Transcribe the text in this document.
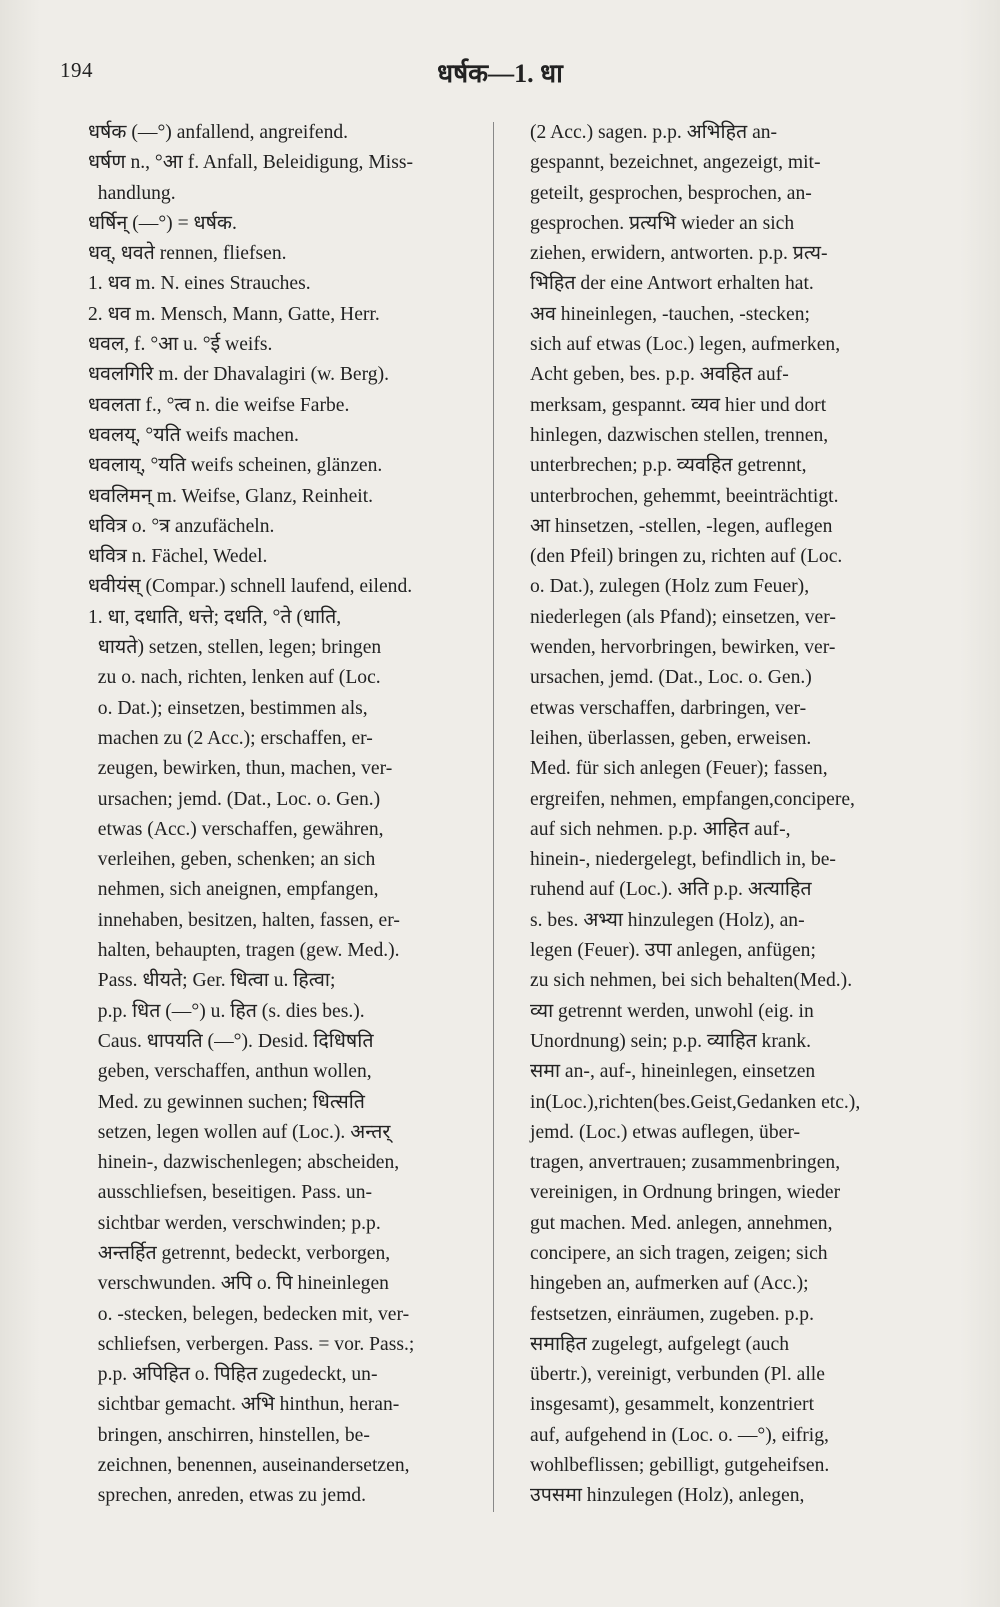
194	धर्षक—1. धा
धर्षक (—°) anfallend, angreifend.
धर्षण n., °आ f. Anfall, Beleidigung, Miss-
handlung.
धर्षिन् (—°) = धर्षक.
धव्, धवते rennen, fliefsen.
1. धव m. N. eines Strauches.
2. धव m. Mensch, Mann, Gatte, Herr.
धवल, f. °आ u. °ई weifs.
धवलगिरि m. der Dhavalagiri (w. Berg).
धवलता f., °त्व n. die weifse Farbe.
धवलय्, °यति weifs machen.
धवलाय्, °यति weifs scheinen, glänzen.
धवलिमन् m. Weifse, Glanz, Reinheit.
धवित्र o. °त्र anzufächeln.
धवित्र n. Fächel, Wedel.
धवीयंस् (Compar.) schnell laufend, eilend.
1. धा, दधाति, धत्ते; दधति, °ते (धाति,
धायते) setzen, stellen, legen; bringen
zu o. nach, richten, lenken auf (Loc.
o. Dat.); einsetzen, bestimmen als,
machen zu (2 Acc.); erschaffen, er-
zeugen, bewirken, thun, machen, ver-
ursachen; jemd. (Dat., Loc. o. Gen.)
etwas (Acc.) verschaffen, gewähren,
verleihen, geben, schenken; an sich
nehmen, sich aneignen, empfangen,
innehaben, besitzen, halten, fassen, er-
halten, behaupten, tragen (gew. Med.).
Pass. धीयते; Ger. धित्वा u. हित्वा;
p.p. धित (—°) u. हित (s. dies bes.).
Caus. धापयति (—°). Desid. दिधिषति
geben, verschaffen, anthun wollen,
Med. zu gewinnen suchen; धित्सति
setzen, legen wollen auf (Loc.). अन्तर्
hinein-, dazwischenlegen; abscheiden,
ausschliefsen, beseitigen. Pass. un-
sichtbar werden, verschwinden; p.p.
अन्तर्हित getrennt, bedeckt, verborgen,
verschwunden. अपि o. पि hineinlegen
o. -stecken, belegen, bedecken mit, ver-
schliefsen, verbergen. Pass. = vor. Pass.;
p.p. अपिहित o. पिहित zugedeckt, un-
sichtbar gemacht. अभि hinthun, heran-
bringen, anschirren, hinstellen, be-
zeichnen, benennen, auseinandersetzen,
sprechen, anreden, etwas zu jemd.
(2 Acc.) sagen. p.p. अभिहित an-
gespannt, bezeichnet, angezeigt, mit-
geteilt, gesprochen, besprochen, an-
gesprochen. प्रत्यभि wieder an sich
ziehen, erwidern, antworten. p.p. प्रत्य-
भिहित der eine Antwort erhalten hat.
अव hineinlegen, -tauchen, -stecken;
sich auf etwas (Loc.) legen, aufmerken,
Acht geben, bes. p.p. अवहित auf-
merksam, gespannt. व्यव hier und dort
hinlegen, dazwischen stellen, trennen,
unterbrechen; p.p. व्यवहित getrennt,
unterbrochen, gehemmt, beeinträchtigt.
आ hinsetzen, -stellen, -legen, auflegen
(den Pfeil) bringen zu, richten auf (Loc.
o. Dat.), zulegen (Holz zum Feuer),
niederlegen (als Pfand); einsetzen, ver-
wenden, hervorbringen, bewirken, ver-
ursachen, jemd. (Dat., Loc. o. Gen.)
etwas verschaffen, darbringen, ver-
leihen, überlassen, geben, erweisen.
Med. für sich anlegen (Feuer); fassen,
ergreifen, nehmen, empfangen,concipere,
auf sich nehmen. p.p. आहित auf-,
hinein-, niedergelegt, befindlich in, be-
ruhend auf (Loc.). अति p.p. अत्याहित
s. bes. अभ्या hinzulegen (Holz), an-
legen (Feuer). उपा anlegen, anfügen;
zu sich nehmen, bei sich behalten(Med.).
व्या getrennt werden, unwohl (eig. in
Unordnung) sein; p.p. व्याहित krank.
समा an-, auf-, hineinlegen, einsetzen
in(Loc.),richten(bes.Geist,Gedanken etc.),
jemd. (Loc.) etwas auflegen, über-
tragen, anvertrauen; zusammenbringen,
vereinigen, in Ordnung bringen, wieder
gut machen. Med. anlegen, annehmen,
concipere, an sich tragen, zeigen; sich
hingeben an, aufmerken auf (Acc.);
festsetzen, einräumen, zugeben. p.p.
समाहित zugelegt, aufgelegt (auch
übertr.), vereinigt, verbunden (Pl. alle
insgesamt), gesammelt, konzentriert
auf, aufgehend in (Loc. o. —°), eifrig,
wohlbeflissen; gebilligt, gutgeheifsen.
उपसमा hinzulegen (Holz), anlegen,
